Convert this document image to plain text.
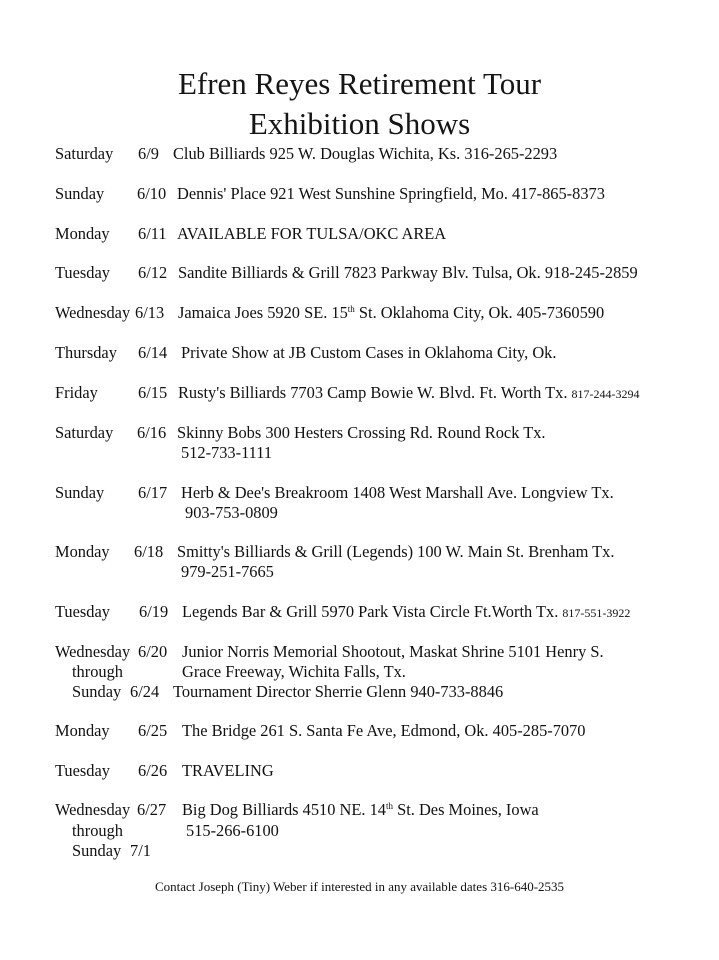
Efren Reyes Retirement Tour
Exhibition Shows
Saturday 6/9 Club Billiards 925 W. Douglas Wichita, Ks. 316-265-2293
Sunday 6/10 Dennis' Place 921 West Sunshine Springfield, Mo. 417-865-8373
Monday 6/11 AVAILABLE FOR TULSA/OKC AREA
Tuesday 6/12 Sandite Billiards & Grill 7823 Parkway Blv. Tulsa, Ok. 918-245-2859
Wednesday 6/13 Jamaica Joes 5920 SE. 15th St. Oklahoma City, Ok. 405-7360590
Thursday 6/14 Private Show at JB Custom Cases in Oklahoma City, Ok.
Friday 6/15 Rusty's Billiards 7703 Camp Bowie W. Blvd. Ft. Worth Tx. 817-244-3294
Saturday 6/16 Skinny Bobs 300 Hesters Crossing Rd. Round Rock Tx.
512-733-1111
Sunday 6/17 Herb & Dee's Breakroom 1408 West Marshall Ave. Longview Tx.
903-753-0809
Monday 6/18 Smitty's Billiards & Grill (Legends) 100 W. Main St. Brenham Tx.
979-251-7665
Tuesday 6/19 Legends Bar & Grill 5970 Park Vista Circle Ft.Worth Tx. 817-551-3922
Wednesday 6/20 Junior Norris Memorial Shootout, Maskat Shrine 5101 Henry S.
through	Grace Freeway, Wichita Falls, Tx.
Sunday 6/24 Tournament Director Sherrie Glenn 940-733-8846
Monday 6/25 The Bridge 261 S. Santa Fe Ave, Edmond, Ok. 405-285-7070
Tuesday 6/26 TRAVELING
Wednesday 6/27 Big Dog Billiards 4510 NE. 14th St. Des Moines, Iowa
through	515-266-6100
Sunday 7/1
Contact Joseph (Tiny) Weber if interested in any available dates 316-640-2535
